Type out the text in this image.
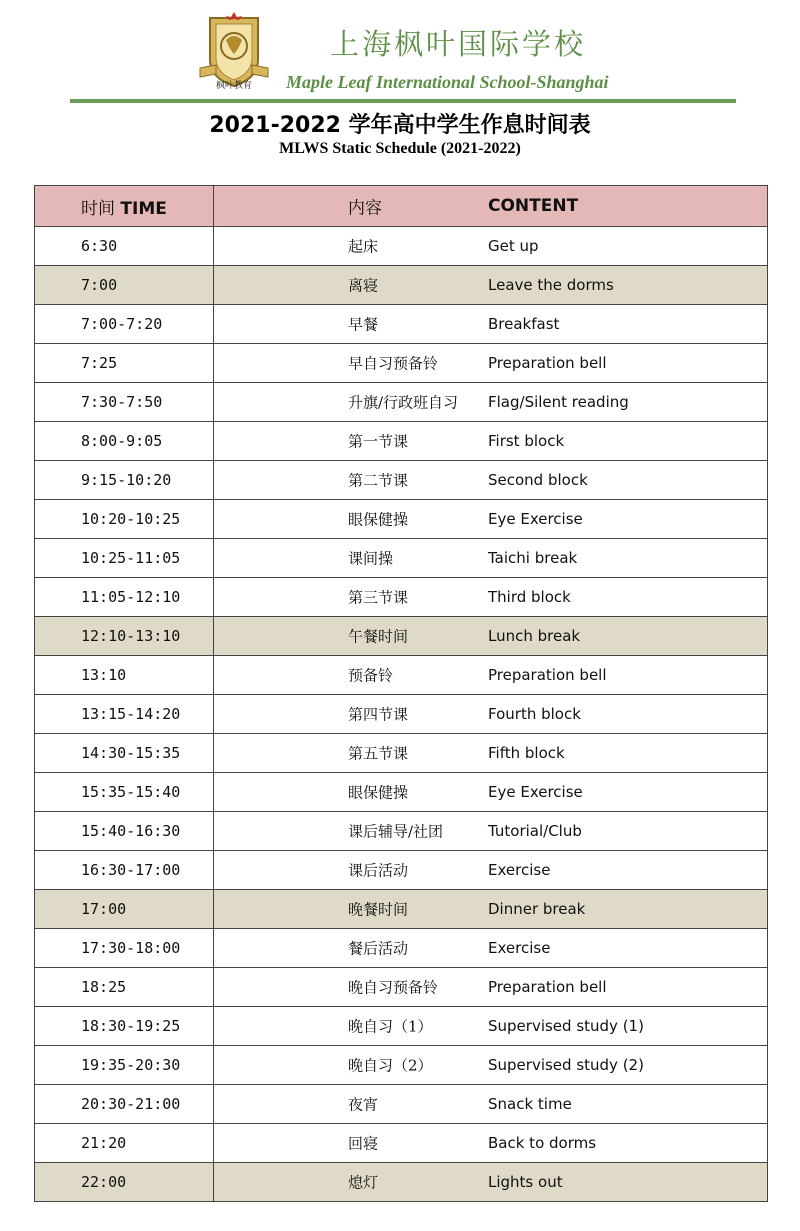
枫叶教育
上海枫叶国际学校
Maple Leaf International School-Shanghai
2021-2022 学年高中学生作息时间表
MLWS Static Schedule (2021-2022)
时间 TIME	内容 CONTENT

6:30	起床 Get up

7:00	离寝 Leave the dorms

7:00-7:20	早餐 Breakfast

7:25	早自习预备铃 Preparation bell

7:30-7:50	升旗/行政班自习 Flag/Silent reading

8:00-9:05	第一节课 First block

9:15-10:20	第二节课 Second block

10:20-10:25	眼保健操 Eye Exercise

10:25-11:05	课间操 Taichi break

11:05-12:10	第三节课 Third block

12:10-13:10	午餐时间 Lunch break

13:10	预备铃 Preparation bell

13:15-14:20	第四节课 Fourth block

14:30-15:35	第五节课 Fifth block

15:35-15:40	眼保健操 Eye Exercise

15:40-16:30	课后辅导/社团 Tutorial/Club

16:30-17:00	课后活动 Exercise

17:00	晚餐时间 Dinner break

17:30-18:00	餐后活动 Exercise

18:25	晚自习预备铃 Preparation bell

18:30-19:25	晚自习（1） Supervised study (1)

19:35-20:30	晚自习（2） Supervised study (2)

20:30-21:00	夜宵 Snack time

21:20	回寝 Back to dorms

22:00	熄灯 Lights out
